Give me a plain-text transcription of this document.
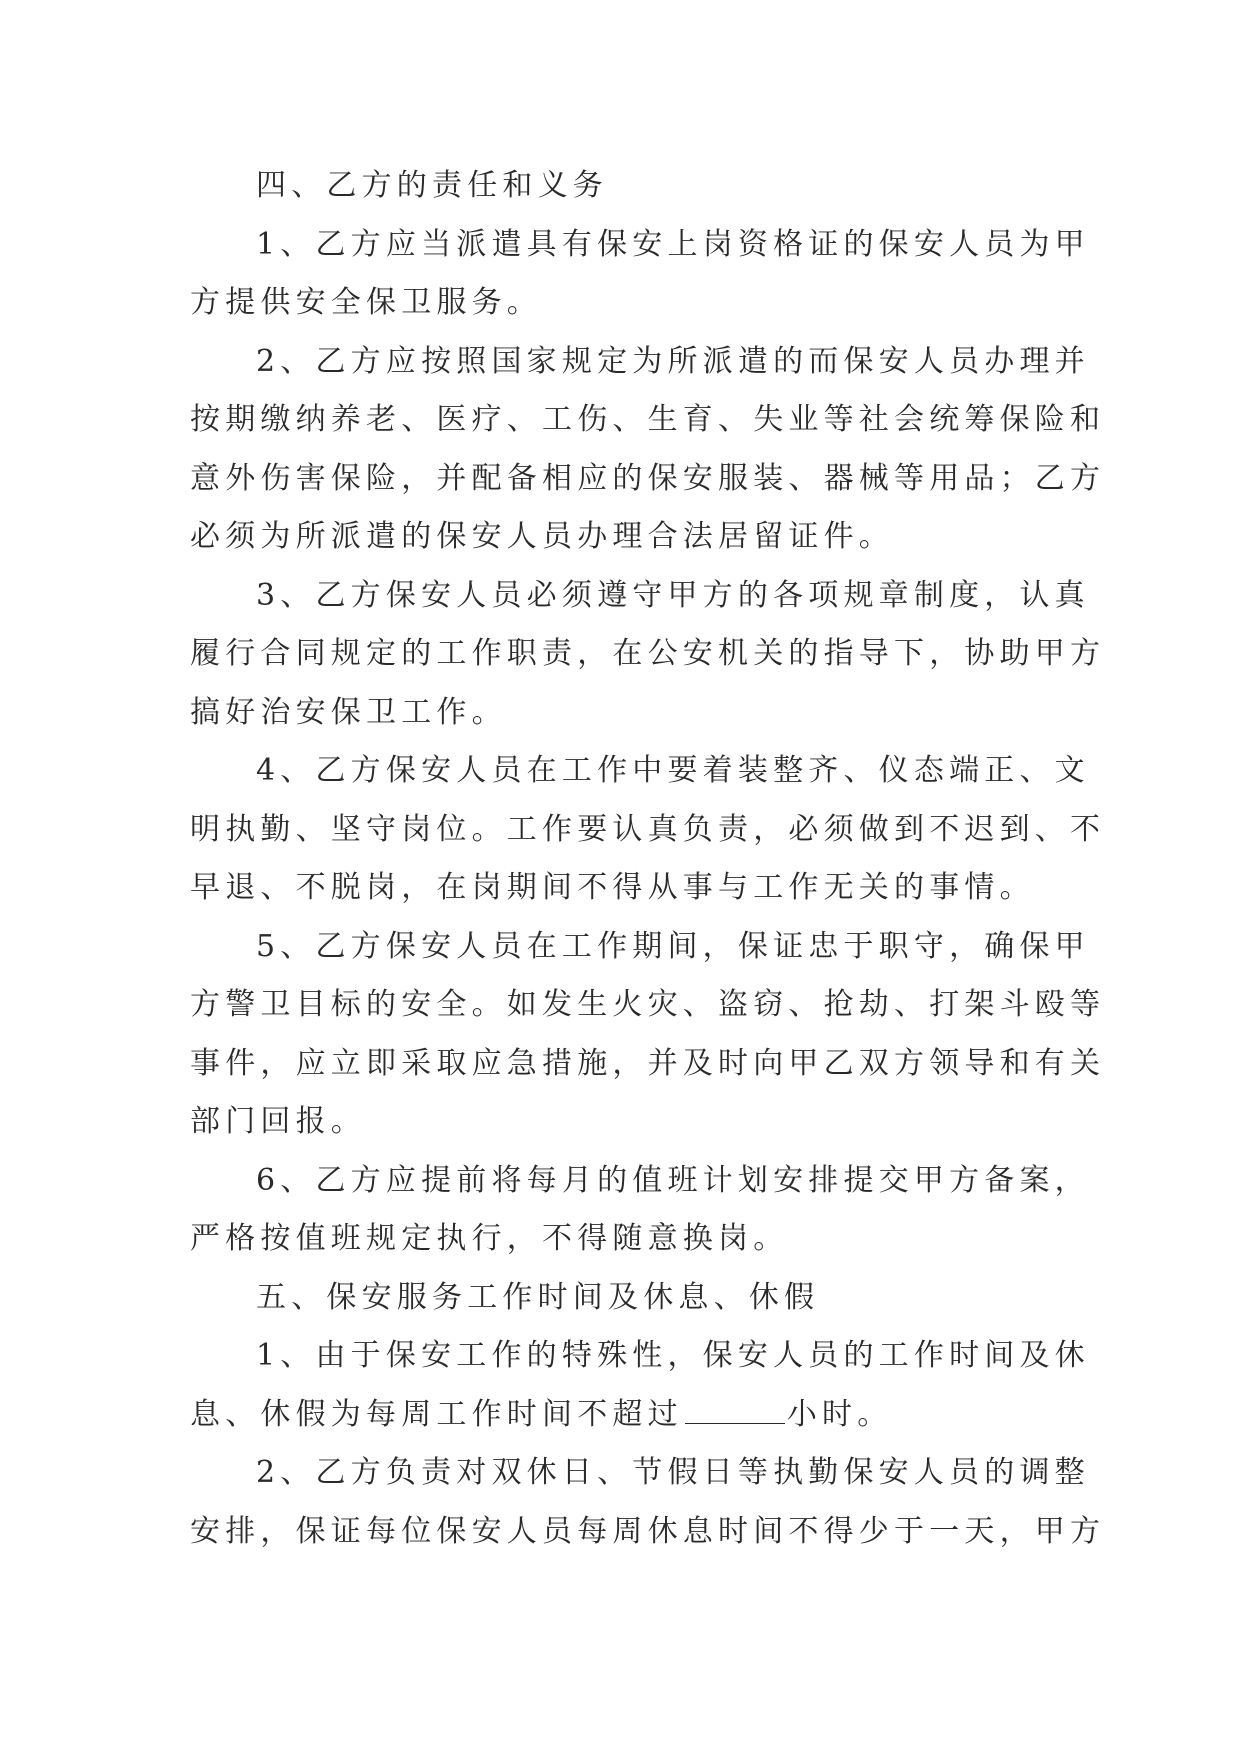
四、乙方的责任和义务
1、乙方应当派遣具有保安上岗资格证的保安人员为甲
方提供安全保卫服务。
2、乙方应按照国家规定为所派遣的而保安人员办理并
按期缴纳养老、医疗、工伤、生育、失业等社会统筹保险和
意外伤害保险，并配备相应的保安服装、器械等用品；乙方
必须为所派遣的保安人员办理合法居留证件。
3、乙方保安人员必须遵守甲方的各项规章制度，认真
履行合同规定的工作职责，在公安机关的指导下，协助甲方
搞好治安保卫工作。
4、乙方保安人员在工作中要着装整齐、仪态端正、文
明执勤、坚守岗位。工作要认真负责，必须做到不迟到、不
早退、不脱岗，在岗期间不得从事与工作无关的事情。
5、乙方保安人员在工作期间，保证忠于职守，确保甲
方警卫目标的安全。如发生火灾、盗窃、抢劫、打架斗殴等
事件，应立即采取应急措施，并及时向甲乙双方领导和有关
部门回报。
6、乙方应提前将每月的值班计划安排提交甲方备案，
严格按值班规定执行，不得随意换岗。
五、保安服务工作时间及休息、休假
1、由于保安工作的特殊性，保安人员的工作时间及休
息、休假为每周工作时间不超过	小时。
2、乙方负责对双休日、节假日等执勤保安人员的调整
安排，保证每位保安人员每周休息时间不得少于一天，甲方
